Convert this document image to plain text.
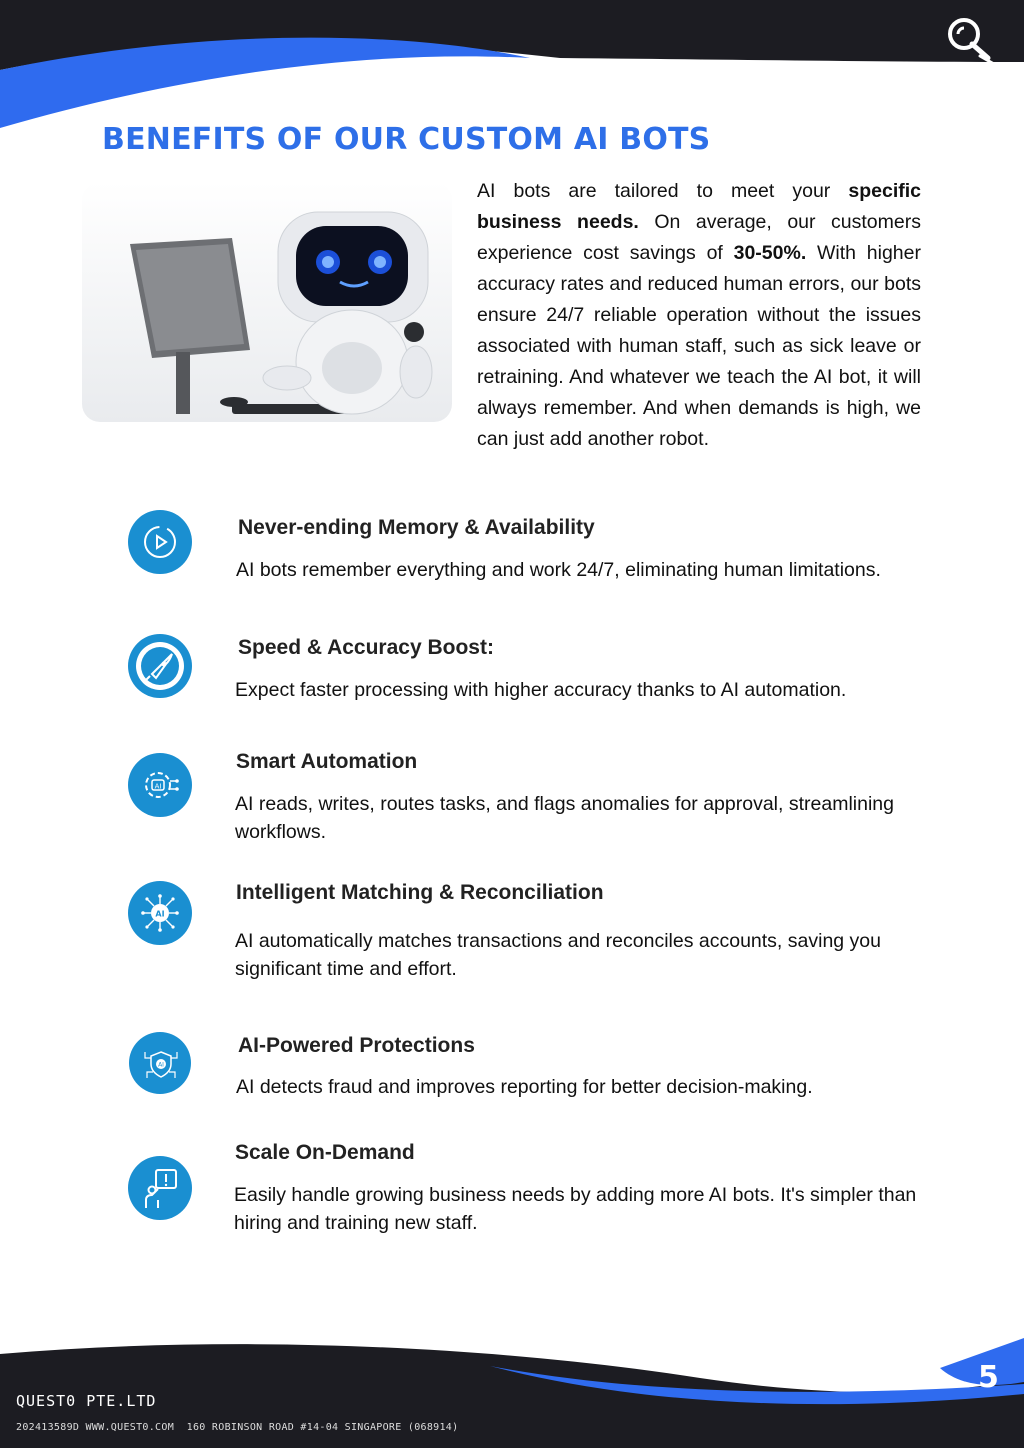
BENEFITS OF OUR CUSTOM AI BOTS

AI bots are tailored to meet your specific business needs. On average, our customers experience cost savings of 30-50%. With higher accuracy rates and reduced human errors, our bots ensure 24/7 reliable operation without the issues associated with human staff, such as sick leave or retraining. And whatever we teach the AI bot, it will always remember. And when demands is high, we can just add another robot.

Never-ending Memory & Availability

AI bots remember everything and work 24/7, eliminating human limitations.

Speed & Accuracy Boost:

Expect faster processing with higher accuracy thanks to AI automation.

AI
Smart Automation

AI reads, writes, routes tasks, and flags anomalies for approval, streamlining workflows.

AI
Intelligent Matching & Reconciliation

AI automatically matches transactions and reconciles accounts, saving you significant time and effort.

AI
AI-Powered Protections

AI detects fraud and improves reporting for better decision-making.

Scale On-Demand

Easily handle growing business needs by adding more AI bots. It's simpler than hiring and training new staff.

QUEST0 PTE.LTD
202413589D WWW.QUEST0.COM  160 ROBINSON ROAD #14-04 SINGAPORE (068914)
5
